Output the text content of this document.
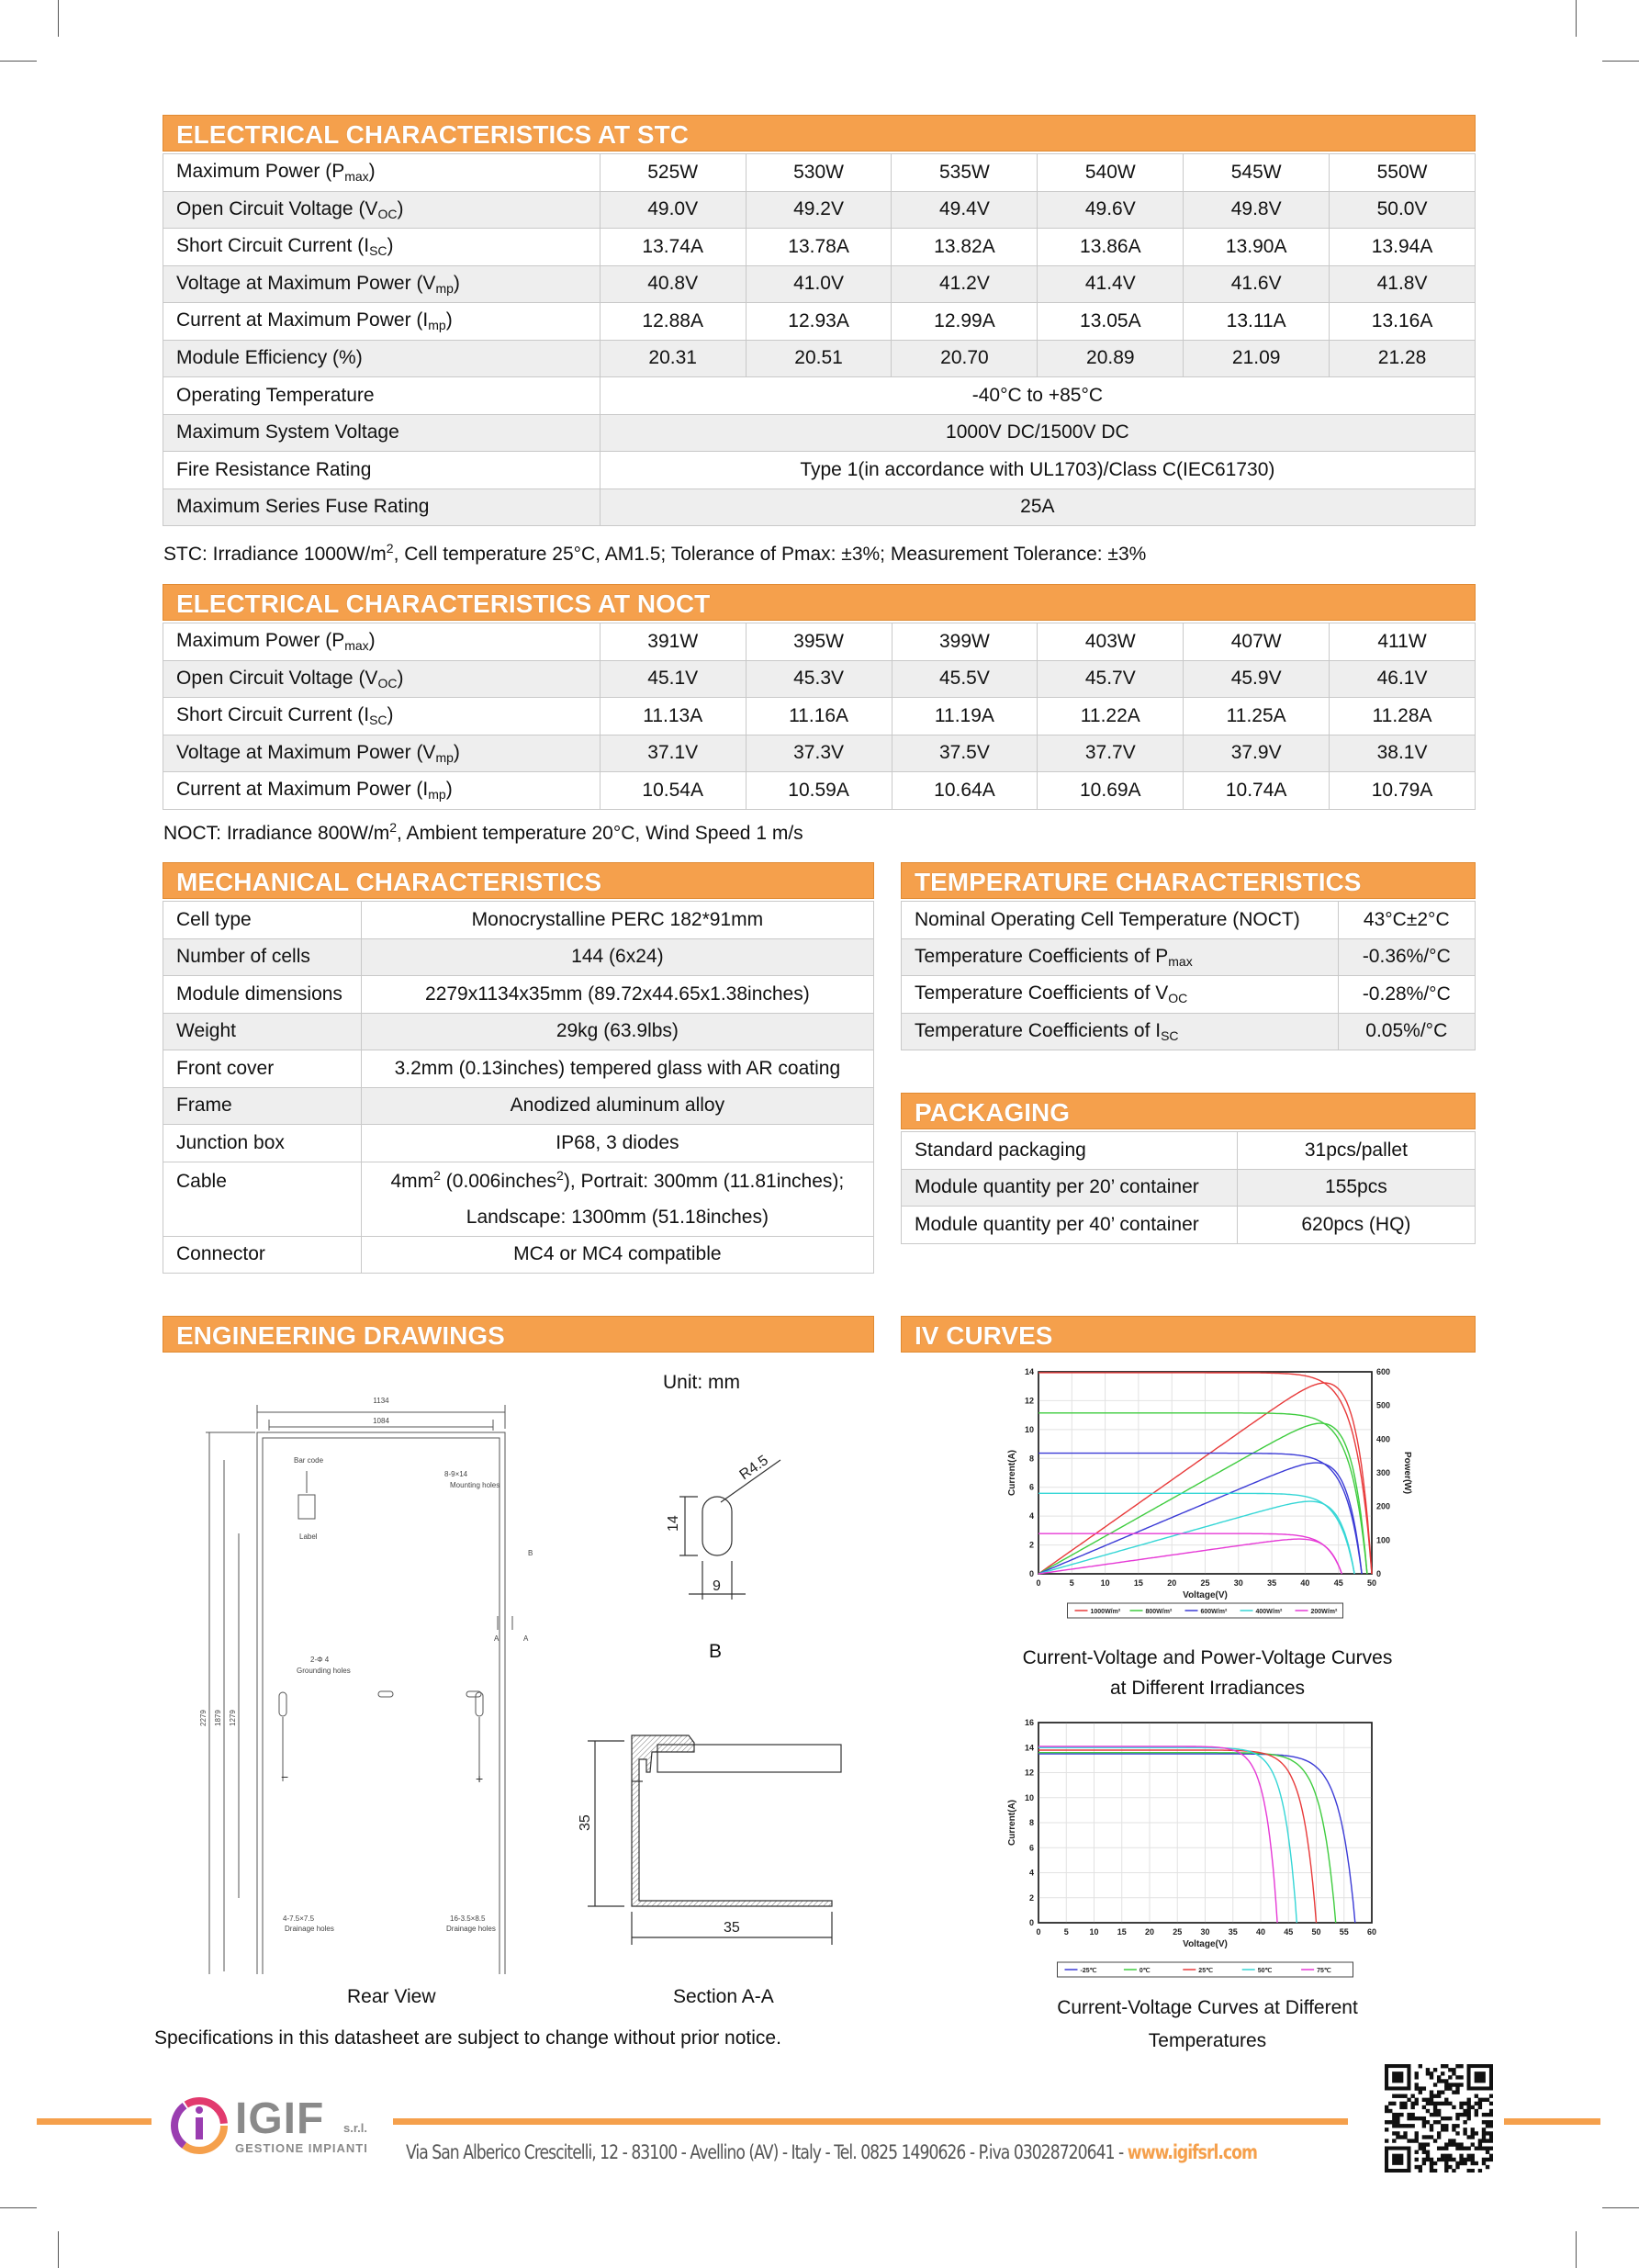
ELECTRICAL CHARACTERISTICS AT STC
Maximum Power $(P_{max})$	525W	530W	535W	540W	545W	550W
Open Circuit Voltage $(V_{OC})$	49.0V	49.2V	49.4V	49.6V	49.8V	50.0V
Short Circuit Current $(I_{SC})$	13.74A	13.78A	13.82A	13.86A	13.90A	13.94A
Voltage at Maximum Power $(V_{mp})$	40.8V	41.0V	41.2V	41.4V	41.6V	41.8V
Current at Maximum Power $(I_{mp})$	12.88A	12.93A	12.99A	13.05A	13.11A	13.16A
Module Efficiency (%)	20.31	20.51	20.70	20.89	21.09	21.28
Operating Temperature	-40°C to +85°C					
Maximum System Voltage	1000V DC/1500V DC					
Fire Resistance Rating	Type 1(in accordance with UL1703)/Class C(IEC61730)					
Maximum Series Fuse Rating	25A					
STC: Irradiance $1000W/m^2$, Cell temperature 25°C, AM1.5; Tolerance of Pmax: ±3%; Measurement Tolerance: ±3%
ELECTRICAL CHARACTERISTICS AT NOCT
Maximum Power $(P_{max})$	391W	395W	399W	403W	407W	411W
Open Circuit Voltage $(V_{OC})$	45.1V	45.3V	45.5V	45.7V	45.9V	46.1V
Short Circuit Current $(I_{SC})$	11.13A	11.16A	11.19A	11.22A	11.25A	11.28A
Voltage at Maximum Power $(V_{mp})$	37.1V	37.3V	37.5V	37.7V	37.9V	38.1V
Current at Maximum Power $(I_{mp})$	10.54A	10.59A	10.64A	10.69A	10.74A	10.79A
NOCT: Irradiance $800W/m^2$, Ambient temperature 20°C, Wind Speed 1 m/s
MECHANICAL CHARACTERISTICS
Cell type	Monocrystalline PERC 182*91mm
Number of cells	144 (6x24)
Module dimensions	2279x1134x35mm (89.72x44.65x1.38inches)
Weight	29kg (63.9lbs)
Front cover	3.2mm (0.13inches) tempered glass with AR coating
Frame	Anodized aluminum alloy
Junction box	IP68, 3 diodes
Cable	$4mm^2$ (0.006inches$^2$), Portrait: 300mm (11.81inches);
	Landscape: 1300mm (51.18inches)
Connector	MC4 or MC4 compatible
TEMPERATURE CHARACTERISTICS
Nominal Operating Cell Temperature (NOCT)	43°C±2°C
Temperature Coefficients of $P_{max}$	-0.36%/°C
Temperature Coefficients of $V_{OC}$	-0.28%/°C
Temperature Coefficients of $I_{SC}$	0.05%/°C
PACKAGING
Standard packaging	31pcs/pallet
Module quantity per 20’ container	155pcs
Module quantity per 40’ container	620pcs (HQ)
ENGINEERING DRAWINGS
Unit: mm
1134
1084
2279 1879 1279
Bar code
Label
8-9×14
Mounting holes
2-Φ 4
Grounding holes
4-7.5×7.5
Drainage holes
16-3.5×8.5
Drainage holes
B
A	A
−	+
R4.5
14
9
B
35
35
Rear View	Section A-A
Specifications in this datasheet are subject to change without prior notice.
IV CURVES
0	5	10	15	20	25	30	35	40	45	50
0
2
4
6
8
10
12
14
Voltage(V)
Current(A)
0
100
200
300
400
500
600
Power(W)
1000W/m²	800W/m²	600W/m²	400W/m²	200W/m²
Current-Voltage and Power-Voltage Curves
at Different Irradiances
0	5	10 15 20 25 30 35 40 45 50 55 60
0
2
4
6
8
10
12
14
16
Voltage(V)
Current(A)
-25℃	0℃	25℃	50℃	75℃
Current-Voltage Curves at Different
Temperatures
IGIF s.r.l.
GESTIONE IMPIANTI Via San Alberico Crescitelli, 12 - 83100 - Avellino (AV) - Italy - Tel. 0825 1490626 - P.iva 03028720641 - www.igifsrl.com
